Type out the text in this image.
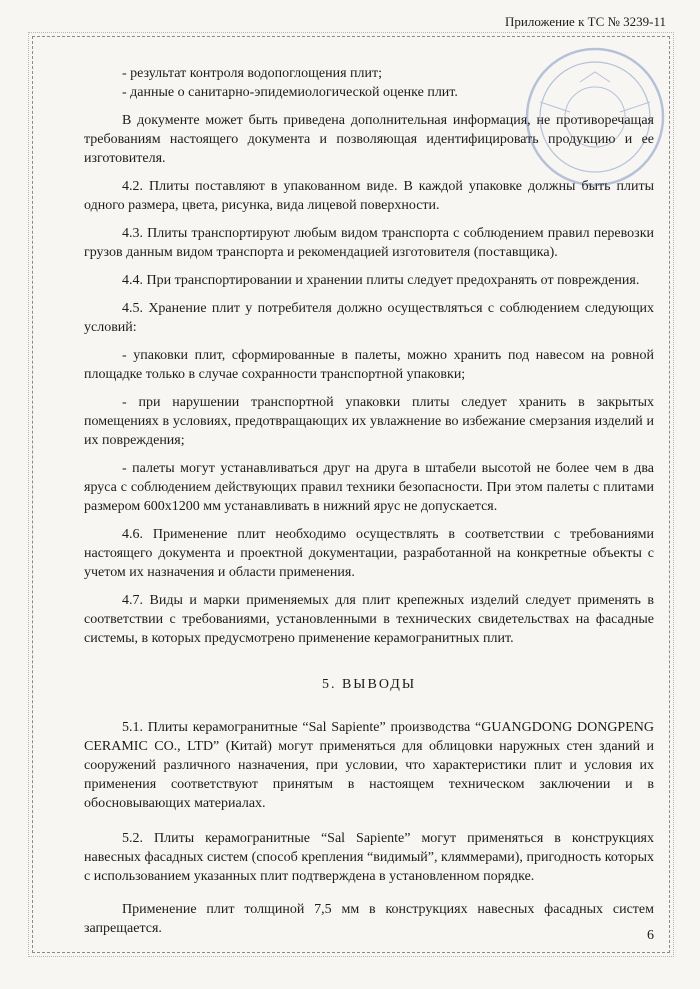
Приложение к ТС № 3239-11

- результат контроля водопоглощения плит;

- данные о санитарно-эпидемиологической оценке плит.

В документе может быть приведена дополнительная информация, не противоречащая требованиям настоящего документа и позволяющая идентифицировать продукцию и ее изготовителя.

4.2. Плиты поставляют в упакованном виде. В каждой упаковке должны быть плиты одного размера, цвета, рисунка, вида лицевой поверхности.

4.3. Плиты транспортируют любым видом транспорта с соблюдением правил перевозки грузов данным видом транспорта и рекомендацией изготовителя (поставщика).

4.4. При транспортировании и хранении плиты следует предохранять от повреждения.

4.5. Хранение плит у потребителя должно осуществляться с соблюдением следующих условий:

- упаковки плит, сформированные в палеты, можно хранить под навесом на ровной площадке только в случае сохранности транспортной упаковки;

- при нарушении транспортной упаковки плиты следует хранить в закрытых помещениях в условиях, предотвращающих их увлажнение во избежание смерзания изделий и их повреждения;

- палеты могут устанавливаться друг на друга в штабели высотой не более чем в два яруса с соблюдением действующих правил техники безопасности. При этом палеты с плитами размером 600х1200 мм устанавливать в нижний ярус не допускается.

4.6. Применение плит необходимо осуществлять в соответствии с требованиями настоящего документа и проектной документации, разработанной на конкретные объекты с учетом их назначения и области применения.

4.7. Виды и марки применяемых для плит крепежных изделий следует применять в соответствии с требованиями, установленными в технических свидетельствах на фасадные системы, в которых предусмотрено применение керамогранитных плит.

5. ВЫВОДЫ

5.1. Плиты керамогранитные “Sal Sapiente” производства “GUANGDONG DONGPENG CERAMIC CO., LTD” (Китай) могут применяться для облицовки наружных стен зданий и сооружений различного назначения, при условии, что характеристики плит и условия их применения соответствуют принятым в настоящем техническом заключении и в обосновывающих материалах.

5.2. Плиты керамогранитные “Sal Sapiente” могут применяться в конструкциях навесных фасадных систем (способ крепления “видимый”, кляммерами), пригодность которых с использованием указанных плит подтверждена в установленном порядке.

Применение плит толщиной 7,5 мм в конструкциях навесных фасадных систем запрещается.	6
